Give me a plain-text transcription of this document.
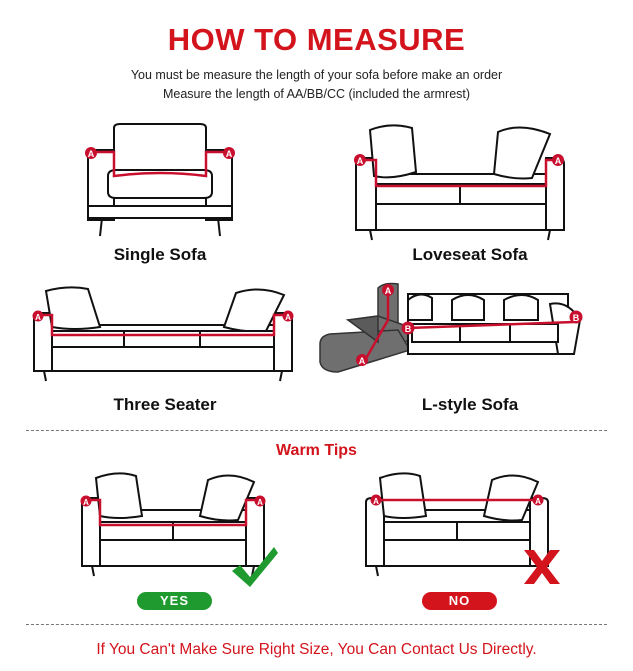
HOW TO MEASURE
You must be measure the length of your sofa before make an order
Measure the length of AA/BB/CC (included the armrest)
A	A
Single Sofa
A	A
Loveseat Sofa
A	A
Three Seater
A
A
B
B
L-style Sofa
Warm Tips
A	A
YES
A	A
NO
If You Can't Make Sure Right Size, You Can Contact Us Directly.
